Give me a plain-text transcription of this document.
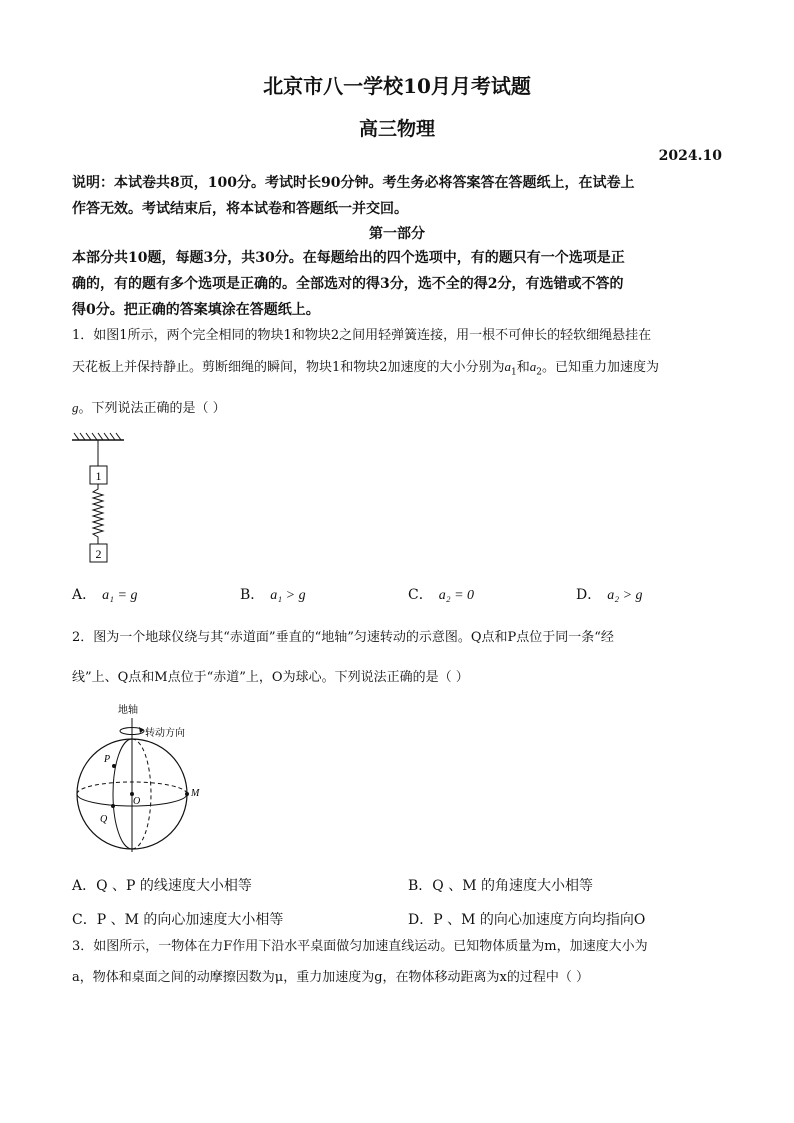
北京市八一学校10月月考试题
高三物理
2024.10
说明：本试卷共8页，100分。考试时长90分钟。考生务必将答案答在答题纸上，在试卷上
作答无效。考试结束后，将本试卷和答题纸一并交回。
第一部分
本部分共10题，每题3分，共30分。在每题给出的四个选项中，有的题只有一个选项是正
确的，有的题有多个选项是正确的。全部选对的得3分，选不全的得2分，有选错或不答的
得0分。把正确的答案填涂在答题纸上。
1．如图1所示，两个完全相同的物块1和物块2之间用轻弹簧连接，用一根不可伸长的轻软细绳悬挂在
天花板上并保持静止。剪断细绳的瞬间，物块1和物块2加速度的大小分别为$a_1$和$a_2$。已知重力加速度为
g。下列说法正确的是（ ）
1
2
A． a₁ = g	B． a₁ > g	C． a₂ = 0	D． a₂ > g
2．图为一个地球仪绕与其“赤道面”垂直的“地轴”匀速转动的示意图。Q点和P点位于同一条“经
线”上、Q点和M点位于“赤道”上，O为球心。下列说法正确的是（ ）
地轴
转动方向
P
O
M
Q
A．Q 、P 的线速度大小相等	B．Q 、M 的角速度大小相等
C．P 、M 的向心加速度大小相等	D．P 、M 的向心加速度方向均指向O
3．如图所示，一物体在力F作用下沿水平桌面做匀加速直线运动。已知物体质量为m，加速度大小为
a，物体和桌面之间的动摩擦因数为μ，重力加速度为g，在物体移动距离为x的过程中（ ）
